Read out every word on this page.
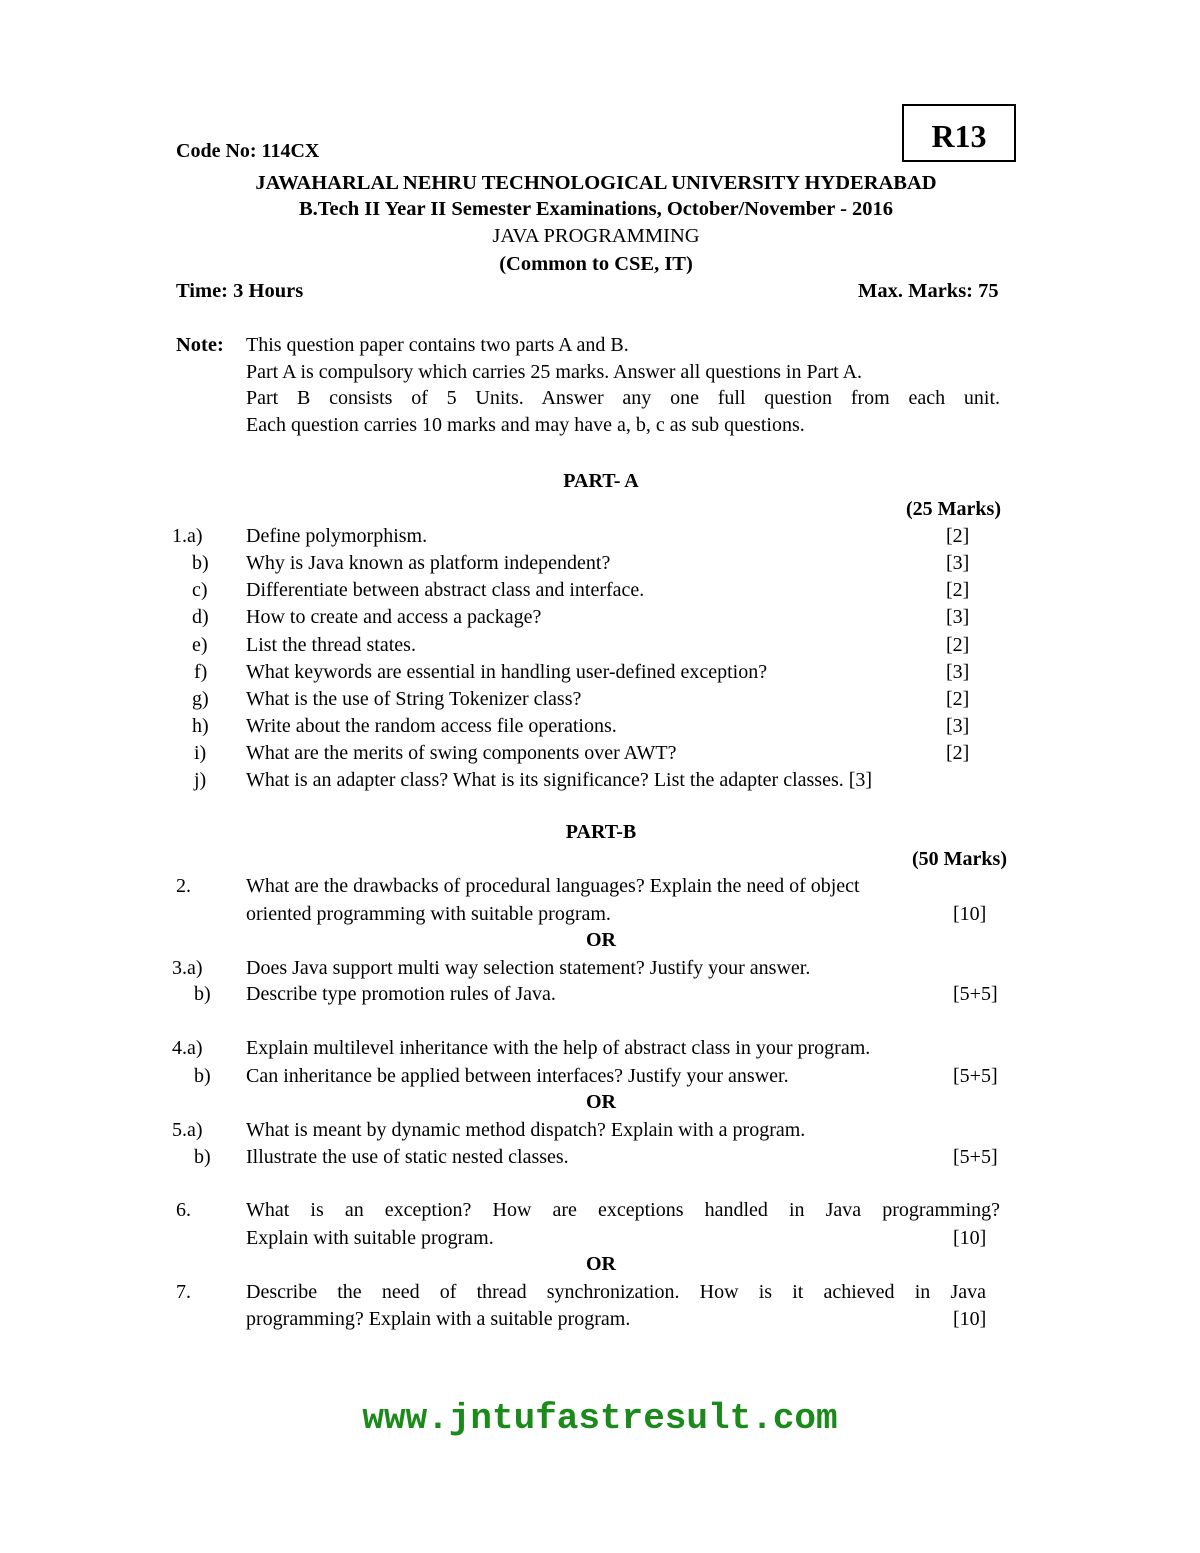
Code No: 114CX	R13
JAWAHARLAL NEHRU TECHNOLOGICAL UNIVERSITY HYDERABAD
B.Tech II Year II Semester Examinations, October/November - 2016
JAVA PROGRAMMING
(Common to CSE, IT)
Time: 3 Hours	Max. Marks: 75
Note: This question paper contains two parts A and B.
Part A is compulsory which carries 25 marks. Answer all questions in Part A.
Part B consists of 5 Units. Answer any one full question from each unit.
Each question carries 10 marks and may have a, b, c as sub questions.
PART- A
(25 Marks)
1.a) Define polymorphism.	[2]
b) Why is Java known as platform independent?	[3]
c) Differentiate between abstract class and interface.	[2]
d) How to create and access a package?	[3]
e) List the thread states.	[2]
f) What keywords are essential in handling user-defined exception?	[3]
g) What is the use of String Tokenizer class?	[2]
h) Write about the random access file operations.	[3]
i) What are the merits of swing components over AWT?	[2]
j) What is an adapter class? What is its significance? List the adapter classes. [3]
PART-B
(50 Marks)
2.	What are the drawbacks of procedural languages? Explain the need of object
oriented programming with suitable program.	[10]
OR
3.a) Does Java support multi way selection statement? Justify your answer.
b) Describe type promotion rules of Java.	[5+5]
4.a) Explain multilevel inheritance with the help of abstract class in your program.
b) Can inheritance be applied between interfaces? Justify your answer.	[5+5]
OR
5.a) What is meant by dynamic method dispatch? Explain with a program.
b) Illustrate the use of static nested classes.	[5+5]
6.	What is an exception? How are exceptions handled in Java programming?
Explain with suitable program.	[10]
OR
7.	Describe the need of thread synchronization. How is it achieved in Java
programming? Explain with a suitable program.	[10]
www.jntufastresult.com
